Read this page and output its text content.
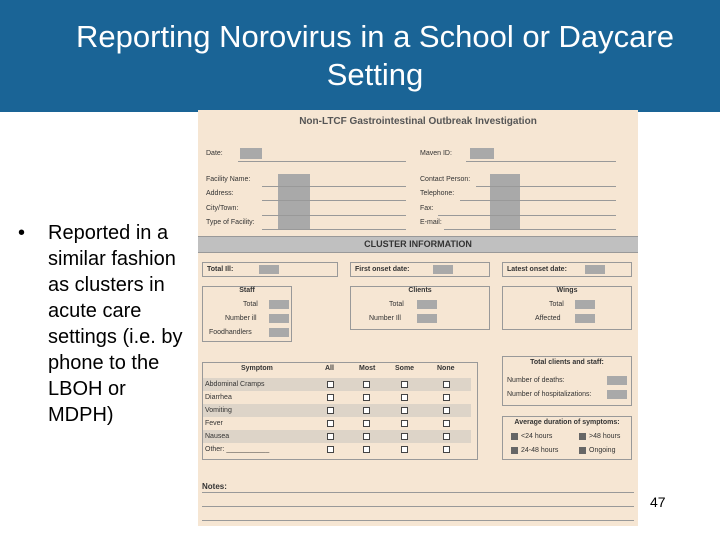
Reporting Norovirus in a School or Daycare Setting
• Reported in a similar fashion as clusters in acute care settings (i.e. by phone to the LBOH or MDPH)
Non-LTCF Gastrointestinal Outbreak Investigation
Date:
Facility Name:
Address:
City/Town:
Type of Facility:
Maven ID:
Contact Person:
Telephone:
Fax:
E-mail:
CLUSTER INFORMATION
Total Ill:	First onset date:	Latest onset date:
Staff
Total
Number ill
Foodhandlers
Clients
Total
Number Ill
Wings
Total
Affected
Symptom	All	Most	Some	None
Abdominal Cramps
Diarrhea
Vomiting
Fever
Nausea
Other: ___________
Total clients and staff:
Number of deaths:
Number of hospitalizations:
Average duration of symptoms:
<24 hours	>48 hours
24-48 hours	Ongoing
Notes:
47
